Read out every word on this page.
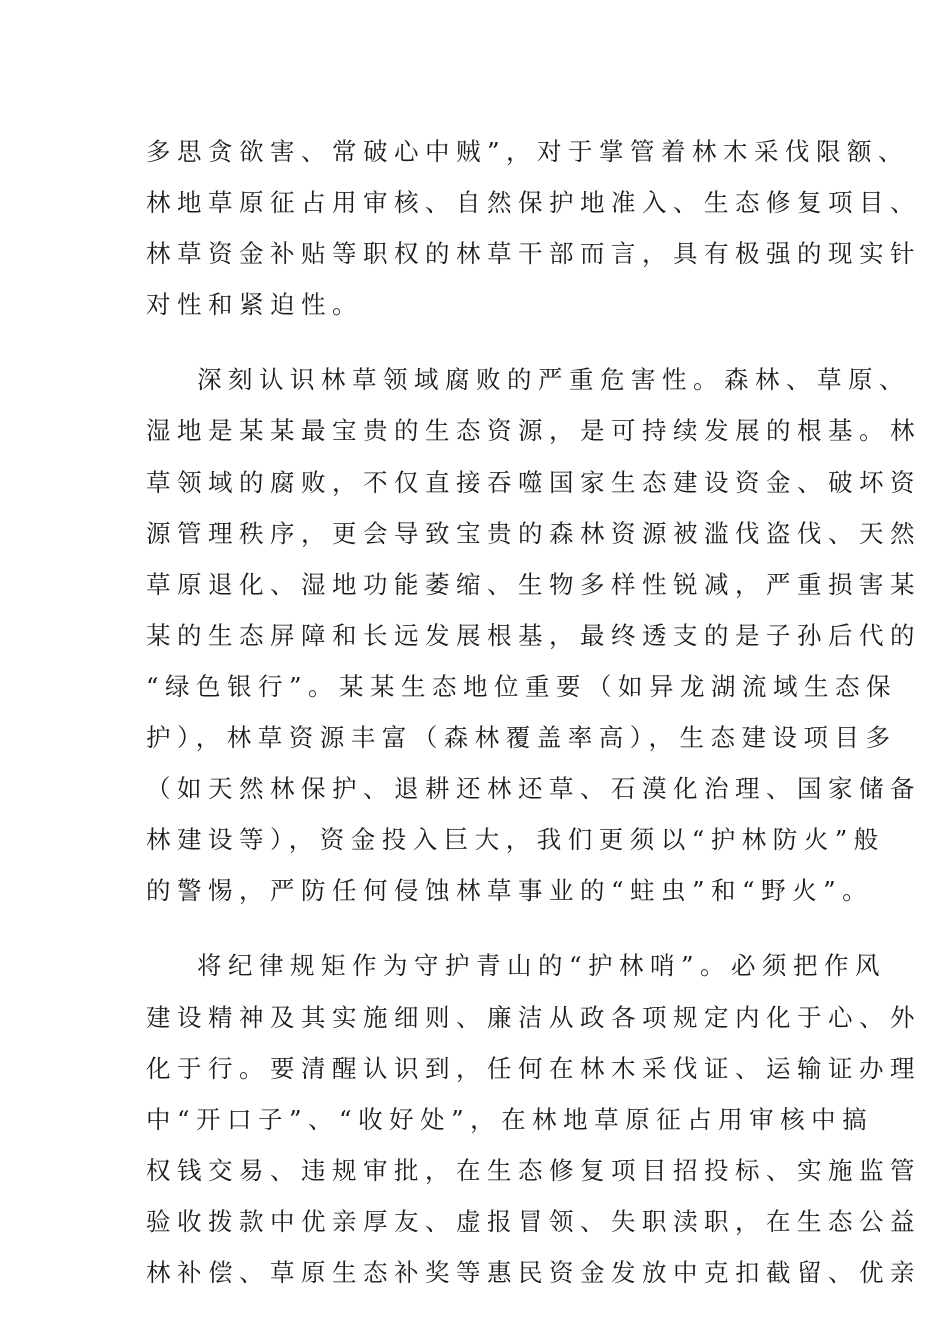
多思贪欲害、常破心中贼”，对于掌管着林木采伐限额、
林地草原征占用审核、自然保护地准入、生态修复项目、
林草资金补贴等职权的林草干部而言，具有极强的现实针
对性和紧迫性。
深刻认识林草领域腐败的严重危害性。森林、草原、
湿地是某某最宝贵的生态资源，是可持续发展的根基。林
草领域的腐败，不仅直接吞噬国家生态建设资金、破坏资
源管理秩序，更会导致宝贵的森林资源被滥伐盗伐、天然
草原退化、湿地功能萎缩、生物多样性锐减，严重损害某
某的生态屏障和长远发展根基，最终透支的是子孙后代的
“绿色银行”。某某生态地位重要（如异龙湖流域生态保
护），林草资源丰富（森林覆盖率高），生态建设项目多
（如天然林保护、退耕还林还草、石漠化治理、国家储备
林建设等），资金投入巨大，我们更须以“护林防火”般
的警惕，严防任何侵蚀林草事业的“蛀虫”和“野火”。
将纪律规矩作为守护青山的“护林哨”。必须把作风
建设精神及其实施细则、廉洁从政各项规定内化于心、外
化于行。要清醒认识到，任何在林木采伐证、运输证办理
中“开口子”、“收好处”，在林地草原征占用审核中搞
权钱交易、违规审批，在生态修复项目招投标、实施监管
验收拨款中优亲厚友、虚报冒领、失职渎职，在生态公益
林补偿、草原生态补奖等惠民资金发放中克扣截留、优亲
